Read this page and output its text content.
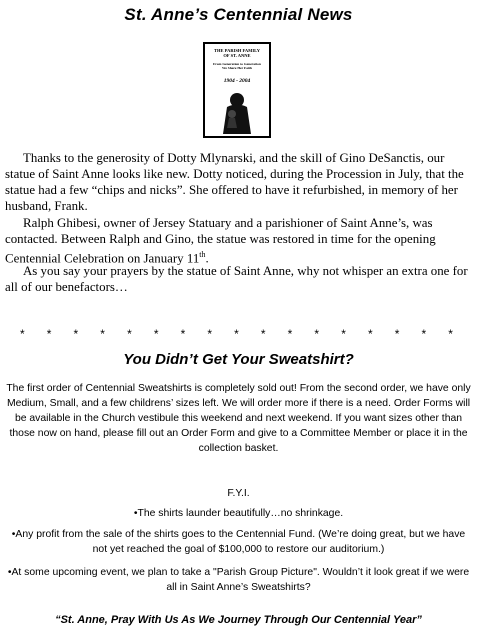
St. Anne’s Centennial News
THE PARISH FAMILY
OF ST. ANNE
From Generation to Generation
We Share Her Faith
1904 - 2004

Thanks to the generosity of Dotty Mlynarski, and the skill of Gino DeSanctis, our statue of Saint Anne looks like new. Dotty noticed, during the Procession in July, that the statue had a few “chips and nicks”. She offered to have it refurbished, in memory of her husband, Frank.

Ralph Ghibesi, owner of Jersey Statuary and a parishioner of Saint Anne’s, was contacted. Between Ralph and Gino, the statue was restored in time for the opening Centennial Celebration on January 11th.

As you say your prayers by the statue of Saint Anne, why not whisper an extra one for all of our benefactors…

* * * * * * * * * * * * * * * * *
You Didn’t Get Your Sweatshirt?

The first order of Centennial Sweatshirts is completely sold out! From the second order, we have only Medium, Small, and a few childrens’ sizes left. We will order more if there is a need. Order Forms will be available in the Church vestibule this weekend and next weekend. If you want sizes other than those now on hand, please fill out an Order Form and give to a Committee Member or place it in the collection basket.

F.Y.I.

•The shirts launder beautifully…no shrinkage.

•Any profit from the sale of the shirts goes to the Centennial Fund. (We’re doing great, but we have not yet reached the goal of $100,000 to restore our auditorium.)

•At some upcoming event, we plan to take a "Parish Group Picture". Wouldn’t it look great if we were all in Saint Anne’s Sweatshirts?

“St. Anne, Pray With Us As We Journey Through Our Centennial Year”
